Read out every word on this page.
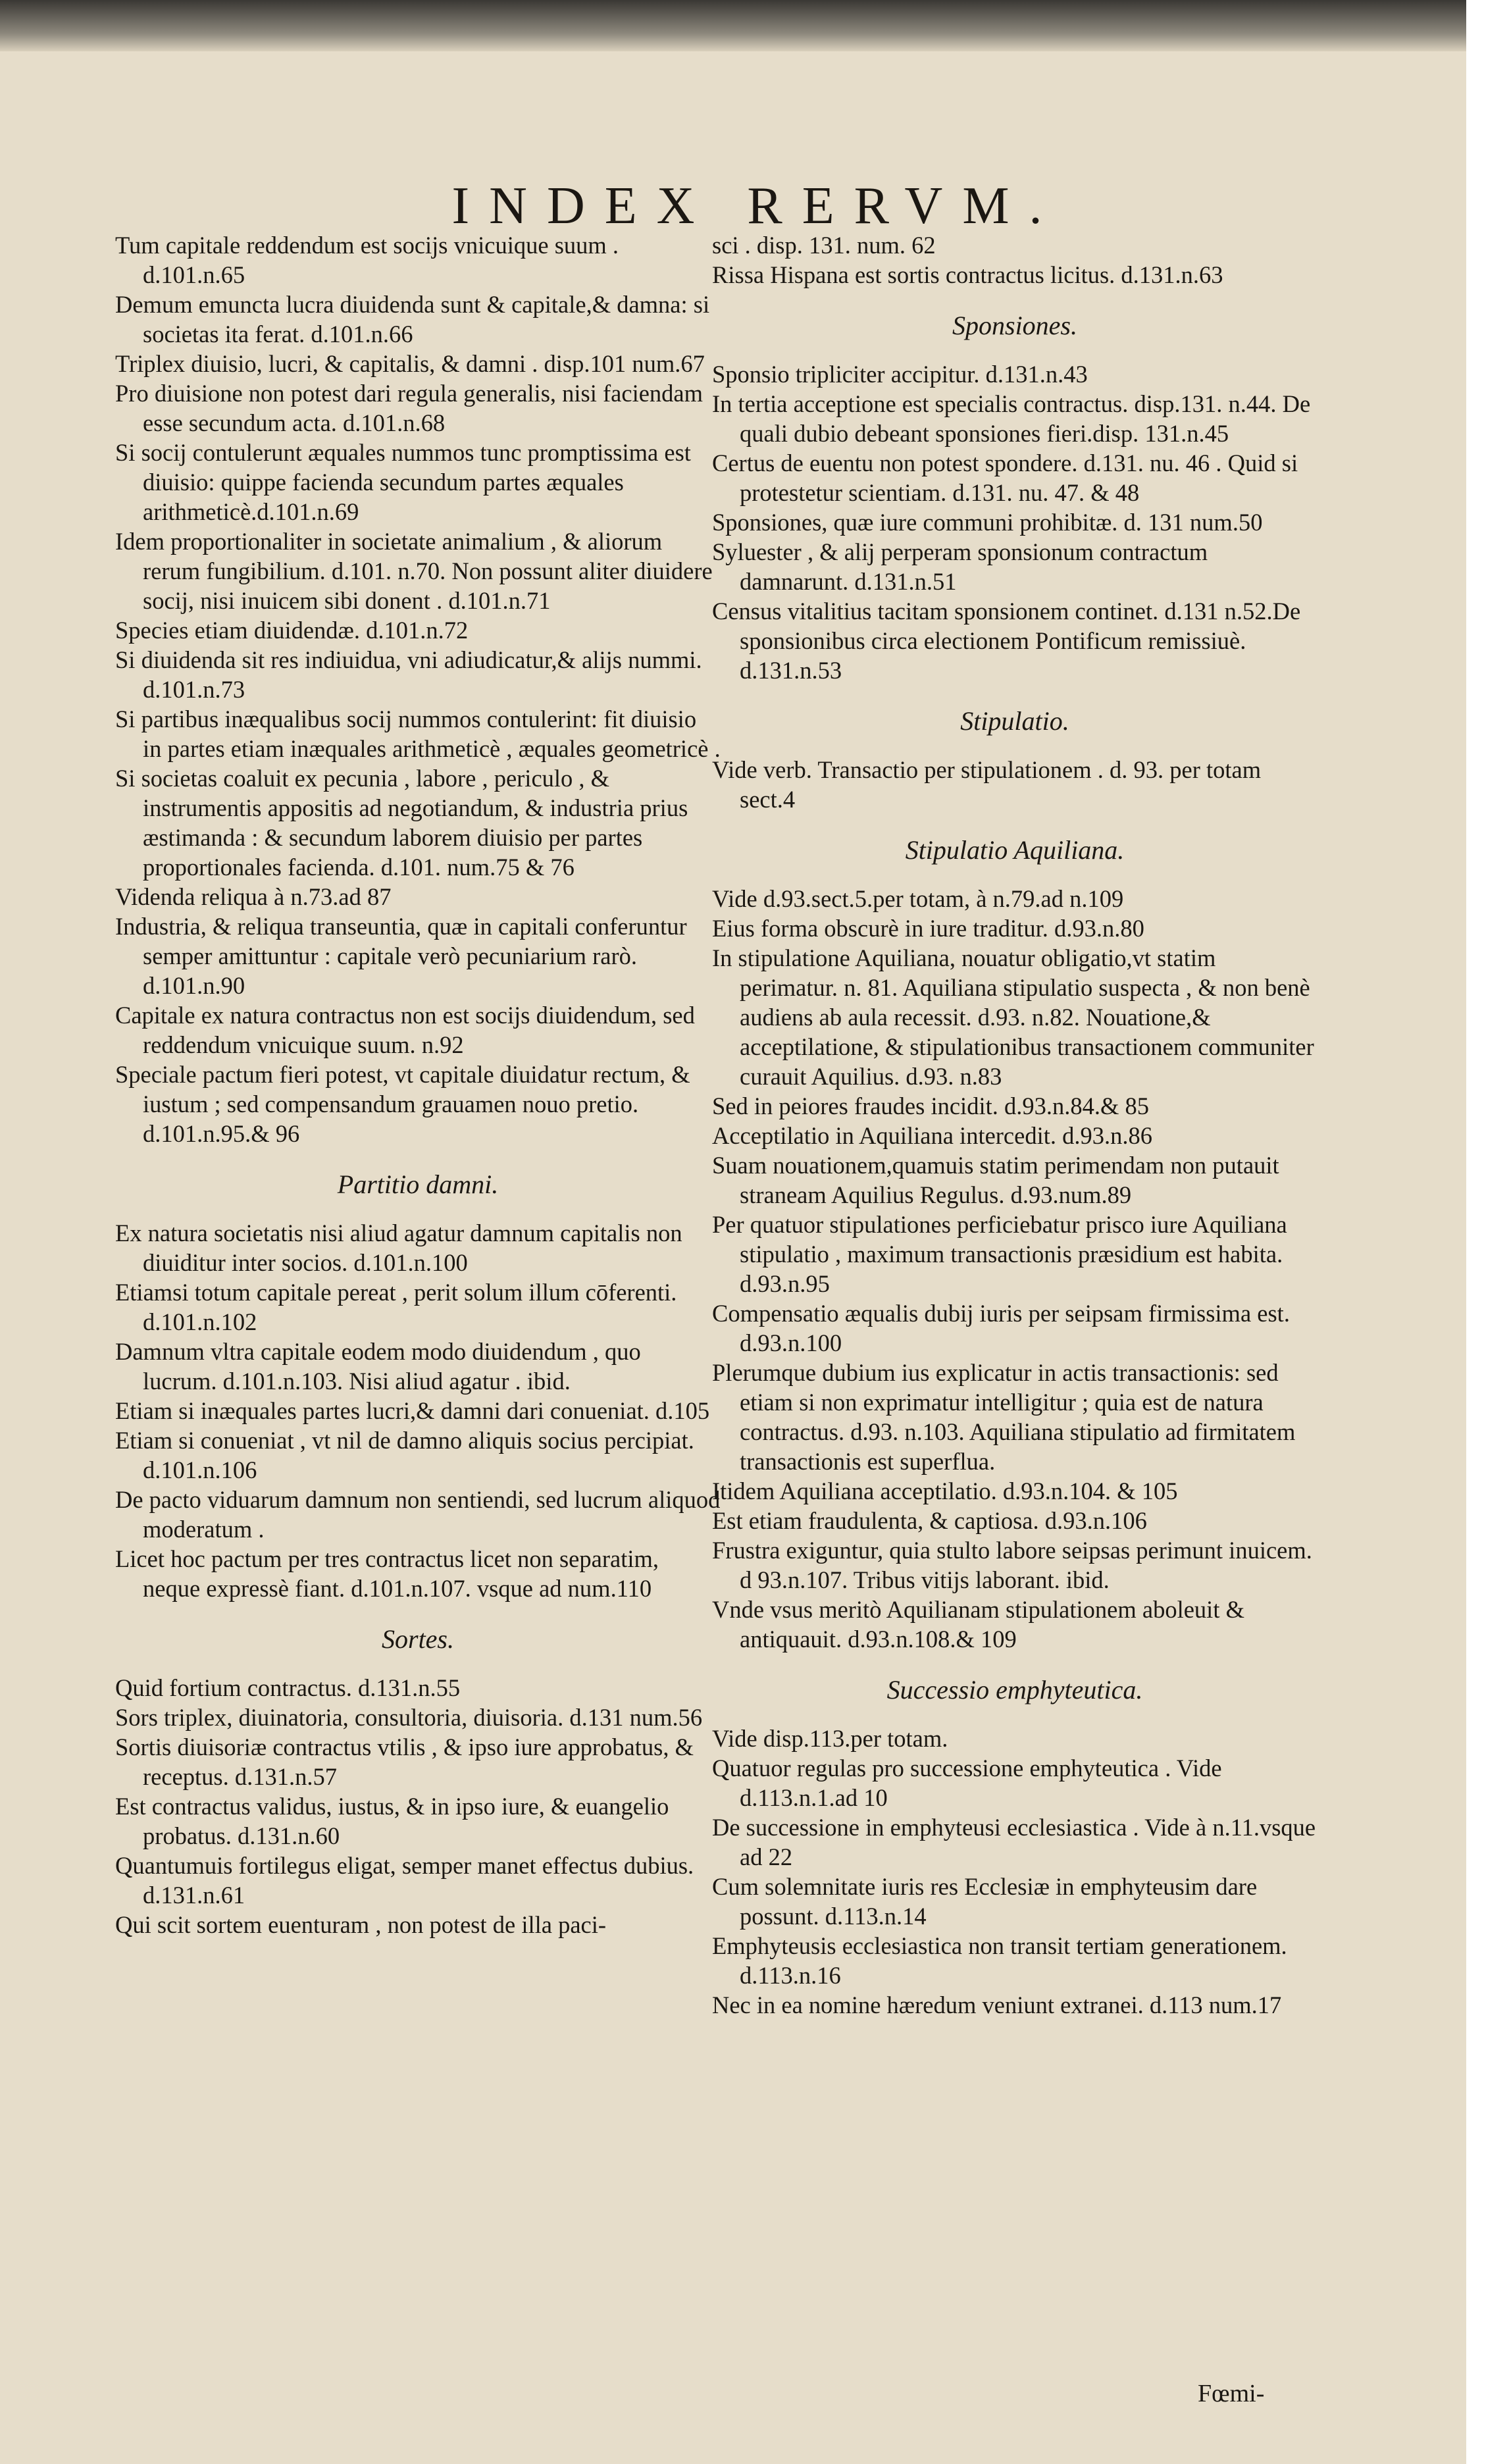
INDEX RERVM.

Tum capitale reddendum est socijs vnicuique suum . d.101.n.65

Demum emuncta lucra diuidenda sunt & capitale,& damna: si societas ita ferat. d.101.n.66

Triplex diuisio, lucri, & capitalis, & damni . disp.101 num.67

Pro diuisione non potest dari regula generalis, nisi faciendam esse secundum acta. d.101.n.68

Si socij contulerunt æquales nummos tunc promptissima est diuisio: quippe facienda secundum partes æquales arithmeticè.d.101.n.69

Idem proportionaliter in societate animalium , & aliorum rerum fungibilium. d.101. n.70. Non possunt aliter diuidere socij, nisi inuicem sibi donent . d.101.n.71

Species etiam diuidendæ. d.101.n.72

Si diuidenda sit res indiuidua, vni adiudicatur,& alijs nummi. d.101.n.73

Si partibus inæqualibus socij nummos contulerint: fit diuisio in partes etiam inæquales arithmeticè , æquales geometricè .

Si societas coaluit ex pecunia , labore , periculo , & instrumentis appositis ad negotiandum, & industria prius æstimanda : & secundum laborem diuisio per partes proportionales facienda. d.101. num.75 & 76

Videnda reliqua à n.73.ad 87

Industria, & reliqua transeuntia, quæ in capitali conferuntur semper amittuntur : capitale verò pecuniarium rarò. d.101.n.90

Capitale ex natura contractus non est socijs diuidendum, sed reddendum vnicuique suum. n.92

Speciale pactum fieri potest, vt capitale diuidatur rectum, & iustum ; sed compensandum grauamen nouo pretio. d.101.n.95.& 96

Partitio damni.

Ex natura societatis nisi aliud agatur damnum capitalis non diuiditur inter socios. d.101.n.100

Etiamsi totum capitale pereat , perit solum illum cōferenti. d.101.n.102

Damnum vltra capitale eodem modo diuidendum , quo lucrum. d.101.n.103. Nisi aliud agatur . ibid.

Etiam si inæquales partes lucri,& damni dari conueniat. d.105

Etiam si conueniat , vt nil de damno aliquis socius percipiat. d.101.n.106

De pacto viduarum damnum non sentiendi, sed lucrum aliquod moderatum .

Licet hoc pactum per tres contractus licet non separatim, neque expressè fiant. d.101.n.107. vsque ad num.110

Sortes.

Quid fortium contractus. d.131.n.55

Sors triplex, diuinatoria, consultoria, diuisoria. d.131 num.56

Sortis diuisoriæ contractus vtilis , & ipso iure approbatus, & receptus. d.131.n.57

Est contractus validus, iustus, & in ipso iure, & euangelio probatus. d.131.n.60

Quantumuis fortilegus eligat, semper manet effectus dubius. d.131.n.61

Qui scit sortem euenturam , non potest de illa paci-

sci . disp. 131. num. 62

Rissa Hispana est sortis contractus licitus. d.131.n.63

Sponsiones.

Sponsio tripliciter accipitur. d.131.n.43

In tertia acceptione est specialis contractus. disp.131. n.44. De quali dubio debeant sponsiones fieri.disp. 131.n.45

Certus de euentu non potest spondere. d.131. nu. 46 . Quid si protestetur scientiam. d.131. nu. 47. & 48

Sponsiones, quæ iure communi prohibitæ. d. 131 num.50

Syluester , & alij perperam sponsionum contractum damnarunt. d.131.n.51

Census vitalitius tacitam sponsionem continet. d.131 n.52.De sponsionibus circa electionem Pontificum remissiuè. d.131.n.53

Stipulatio.

Vide verb. Transactio per stipulationem . d. 93. per totam sect.4

Stipulatio Aquiliana.

Vide d.93.sect.5.per totam, à n.79.ad n.109

Eius forma obscurè in iure traditur. d.93.n.80

In stipulatione Aquiliana, nouatur obligatio,vt statim perimatur. n. 81. Aquiliana stipulatio suspecta , & non benè audiens ab aula recessit. d.93. n.82. Nouatione,& acceptilatione, & stipulationibus transactionem communiter curauit Aquilius. d.93. n.83

Sed in peiores fraudes incidit. d.93.n.84.& 85

Acceptilatio in Aquiliana intercedit. d.93.n.86

Suam nouationem,quamuis statim perimendam non putauit straneam Aquilius Regulus. d.93.num.89

Per quatuor stipulationes perficiebatur prisco iure Aquiliana stipulatio , maximum transactionis præsidium est habita. d.93.n.95

Compensatio æqualis dubij iuris per seipsam firmissima est. d.93.n.100

Plerumque dubium ius explicatur in actis transactionis: sed etiam si non exprimatur intelligitur ; quia est de natura contractus. d.93. n.103. Aquiliana stipulatio ad firmitatem transactionis est superflua.

Itidem Aquiliana acceptilatio. d.93.n.104. & 105

Est etiam fraudulenta, & captiosa. d.93.n.106

Frustra exiguntur, quia stulto labore seipsas perimunt inuicem. d 93.n.107. Tribus vitijs laborant. ibid.

Vnde vsus meritò Aquilianam stipulationem aboleuit & antiquauit. d.93.n.108.& 109

Successio emphyteutica.

Vide disp.113.per totam.

Quatuor regulas pro successione emphyteutica . Vide d.113.n.1.ad 10

De successione in emphyteusi ecclesiastica . Vide à n.11.vsque ad 22

Cum solemnitate iuris res Ecclesiæ in emphyteusim dare possunt. d.113.n.14

Emphyteusis ecclesiastica non transit tertiam generationem. d.113.n.16

Nec in ea nomine hæredum veniunt extranei. d.113 num.17

Fœmi-
